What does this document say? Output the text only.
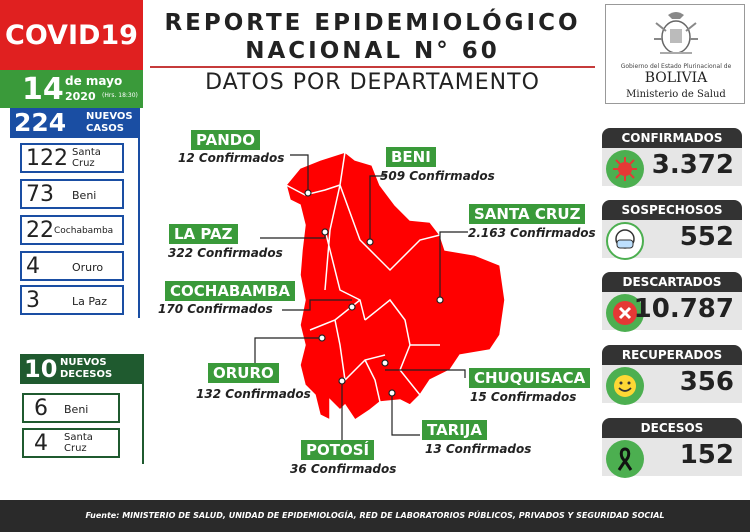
COVID19
14 de mayo
2020 (Hrs. 18:30)
REPORTE EPIDEMIOLÓGICO
NACIONAL N° 60
DATOS POR DEPARTAMENTO
Gobierno del Estado Plurinacional de
BOLIVIA
Ministerio de Salud
224 NUEVOS
CASOS
122 Santa Cruz
73 Beni
22 Cochabamba
4	Oruro
3	La Paz
10 NUEVOS
DECESOS
6 Beni
4 Santa Cruz
PANDO
12 Confirmados	BENI
509 Confirmados
LA PAZ
322 Confirmados
SANTA CRUZ
2.163 Confirmados
COCHABAMBA
170 Confirmados
ORURO
132 Confirmados
CHUQUISACA
15 Confirmados
TARIJA
13 Confirmados
POTOSÍ
36 Confirmados
CONFIRMADOS
3.372
SOSPECHOSOS
552
DESCARTADOS
10.787
RECUPERADOS
356
DECESOS
152
Fuente: MINISTERIO DE SALUD, UNIDAD DE EPIDEMIOLOGÍA, RED DE LABORATORIOS PÚBLICOS, PRIVADOS Y SEGURIDAD SOCIAL
